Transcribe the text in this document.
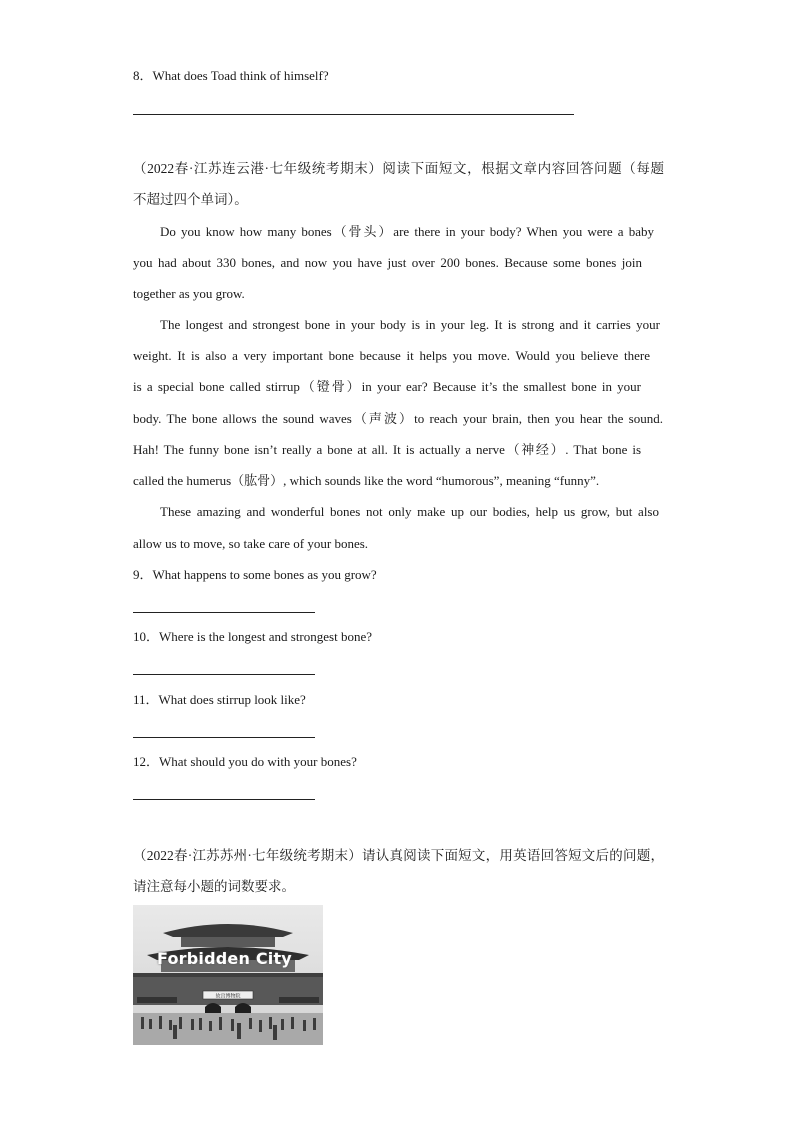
8．What does Toad think of himself?
（2022春·江苏连云港·七年级统考期末）阅读下面短文，根据文章内容回答问题（每题
不超过四个单词）。
Do you know how many bones（骨头）are there in your body? When you were a baby
you had about 330 bones, and now you have just over 200 bones. Because some bones join
together as you grow.
The longest and strongest bone in your body is in your leg. It is strong and it carries your
weight. It is also a very important bone because it helps you move. Would you believe there
is a special bone called stirrup（镫骨）in your ear? Because it’s the smallest bone in your
body. The bone allows the sound waves（声波）to reach your brain, then you hear the sound.
Hah! The funny bone isn’t really a bone at all. It is actually a nerve（神经）. That bone is
called the humerus（肱骨）, which sounds like the word “humorous”, meaning “funny”.
These amazing and wonderful bones not only make up our bodies, help us grow, but also
allow us to move, so take care of your bones.
9．What happens to some bones as you grow?
10．Where is the longest and strongest bone?
11．What does stirrup look like?
12．What should you do with your bones?
（2022春·江苏苏州·七年级统考期末）请认真阅读下面短文，用英语回答短文后的问题，
请注意每小题的词数要求。
故宫博物院
Forbidden City
